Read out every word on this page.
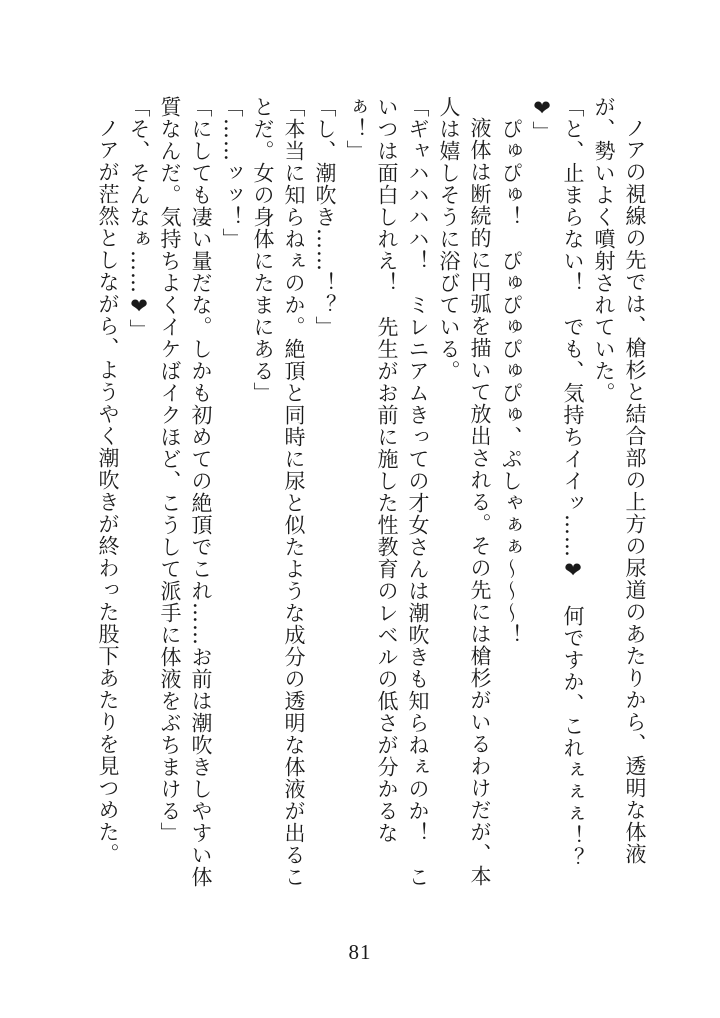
ノアの視線の先では、槍杉と結合部の上方の尿道のあたりから、透明な体液が、勢いよく噴射されていた。

「と、止まらない！　でも、気持ちイイッ……❤　何ですか、これぇぇぇ！？❤」

　ぴゅぴゅ！　ぴゅぴゅぴゅぴゅ、ぷしゃぁぁ〜〜〜！

液体は断続的に円弧を描いて放出される。その先には槍杉がいるわけだが、本人は嬉しそうに浴びている。

「ギャハハハハ！　ミレニアムきっての才女さんは潮吹きも知らねぇのか！　こいつは面白しれえ！　先生がお前に施した性教育のレベルの低さが分かるなぁ！」

「し、潮吹き……！？」

「本当に知らねぇのか。絶頂と同時に尿と似たような成分の透明な体液が出ることだ。女の身体にたまにある」

「……ッッ！」

「にしても凄い量だな。しかも初めての絶頂でこれ……お前は潮吹きしやすい体質なんだ。気持ちよくイケばイクほど、こうして派手に体液をぶちまける」

「そ、そんなぁ……❤」

ノアが茫然としながら、ようやく潮吹きが終わった股下あたりを見つめた。

81
